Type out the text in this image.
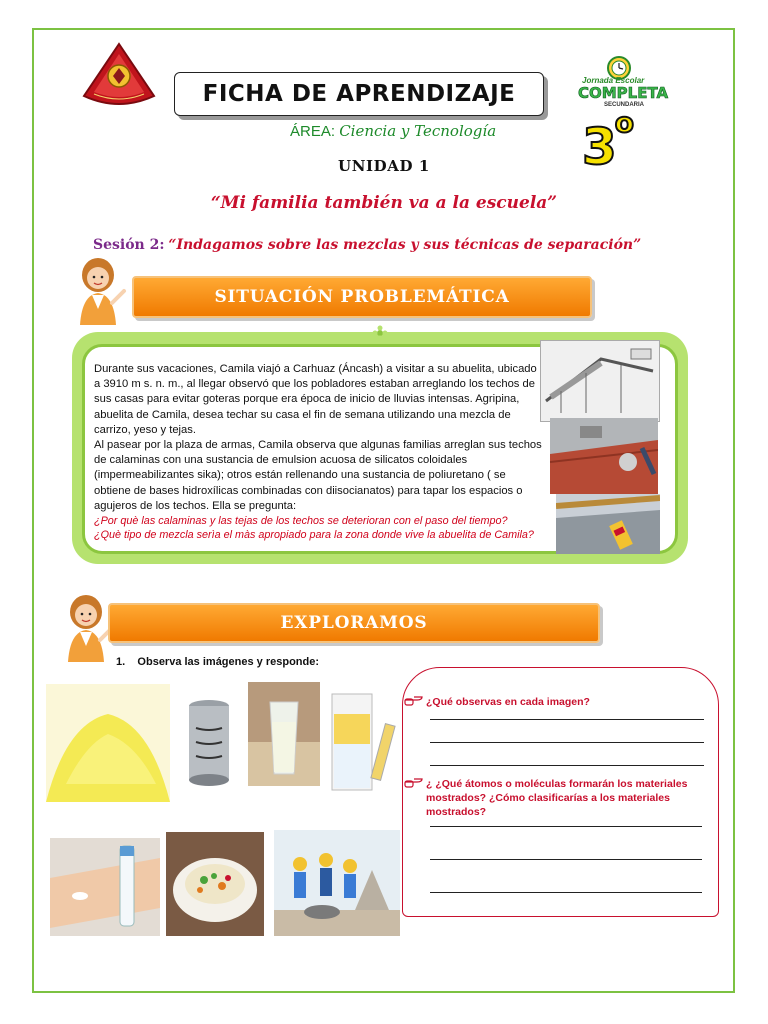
FICHA DE APRENDIZAJE
Jornada Escolar
COMPLETA
SECUNDARIA
ÁREA: Ciencia y Tecnología 3$^o$
UNIDAD 1
“Mi familia también va a la escuela”
Sesión 2: “Indagamos sobre las mezclas y sus técnicas de separación”
SITUACIÓN PROBLEMÁTICA

Durante sus vacaciones, Camila viajó a Carhuaz (Áncash) a visitar a su abuelita, ubicado a 3910 m s. n. m., al llegar observó que los pobladores estaban arreglando los techos de sus casas para evitar goteras porque era época de inicio de lluvias intensas. Agripina, abuelita de Camila, desea techar su casa el fin de semana utilizando una mezcla de carrizo, yeso y tejas.

Al pasear por la plaza de armas, Camila observa que algunas familias arreglan sus techos de calaminas con una sustancia de emulsion acuosa de silicatos coloidales (impermeabilizantes sika); otros están rellenando una sustancia de poliuretano ( se obtiene de bases hidroxílicas combinadas con diisocianatos) para tapar los espacios o agujeros de los techos. Ella se pregunta:

¿Por què las calaminas y las tejas de los techos se deterioran con el paso del tiempo?

¿Què tipo de mezcla serìa el màs apropiado para la zona donde vive la abuelita de Camila?

EXPLORAMOS
1. Observa las imágenes y responde:
¿Qué observas en cada imagen?
¿ ¿Qué átomos o moléculas formarán los materiales mostrados? ¿Cómo clasificarías a los materiales mostrados?
